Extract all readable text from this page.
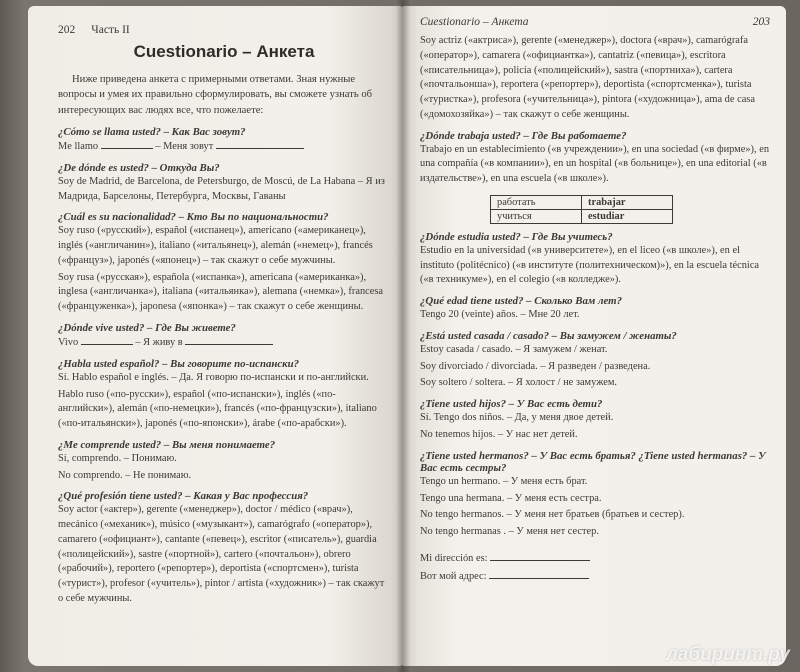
202 Часть II
Cuestionario – Анкета

Ниже приведена анкета с примерными ответами. Зная нужные вопросы и умея их правильно сформулировать, вы сможете узнать об интересующих вас людях все, что пожелаете:

¿Cómo se llama usted? – Как Вас зовут?
Me llamo	– Меня зовут
¿De dónde es usted? – Откуда Вы?
Soy de Madrid, de Barcelona, de Petersburgo, de Moscú, de La Habana – Я из Мадрида, Барселоны, Петербурга, Москвы, Гаваны
¿Cuál es su nacionalidad? – Кто Вы по национальности?
Soy ruso («русский»), español («испанец»), americano («американец»), inglés («англичанин»), italiano («итальянец»), alemán («немец»), francés («француз»), japonés («японец») – так скажут о себе мужчины.
Soy rusa («русская»), española («испанка»), americana («американка»), inglesa («англичанка»), italiana («итальянка»), alemana («немка»), francesa («француженка»), japonesa («японка») – так скажут о себе женщины.
¿Dónde vive usted? – Где Вы живете?
Vivo	– Я живу в
¿Habla usted español? – Вы говорите по-испански?
Sí. Hablo español e inglés. – Да. Я говорю по-испански и по-английски.
Hablo ruso («по-русски»), español («по-испански»), inglés («по-английски»), alemán («по-немецки»), francés («по-французски»), italiano («по-итальянски»), japonés («по-японски»), árabe («по-арабски»).
¿Me comprende usted? – Вы меня понимаете?
Sí, comprendo. – Понимаю.
No comprendo. – Не понимаю.
¿Qué profesión tiene usted? – Какая у Вас профессия?
Soy actor («актер»), gerente («менеджер»), doctor / médico («врач»), mecánico («механик»), músico («музыкант»), camarógrafo («оператор»), camarero («официант»), cantante («певец»), escritor («писатель»), guardia («полицейский»), sastre («портной»), cartero («почтальон»), obrero («рабочий»), reportero («репортер»), deportista («спортсмен»), turista («турист»), profesor («учитель»), pintor / artista («художник») – так скажут о себе мужчины.
Cuestionario – Анкета	203
Soy actriz («актриса»), gerente («менеджер»), doctora («врач»), camarógrafa («оператор»), camarera («официантка»), cantatriz («певица»), escritora («писательница»), policía («полицейский»), sastra («портниха»), cartera («почтальонша»), reportera («репортер»), deportista («спортсменка»), turista («туристка»), profesora («учительница»), pintora («художница»), ama de casa («домохозяйка») – так скажут о себе женщины.
¿Dónde trabaja usted? – Где Вы работаете?
Trabajo en un establecimiento («в учреждении»), en una sociedad («в фирме»), en una compañía («в компании»), en un hospital («в больнице»), en una editorial («в издательстве»), en una escuela («в школе»).
работать	trabajar
учиться	estudiar
¿Dónde estudia usted? – Где Вы учитесь?
Estudio en la universidad («в университете»), en el liceo («в школе»), en el instituto (politécnico) («в институте (политехническом)»), en la escuela técnica («в техникуме»), en el colegio («в колледже»).
¿Qué edad tiene usted? – Сколько Вам лет?
Tengo 20 (veinte) años. – Мне 20 лет.
¿Está usted casada / casado? – Вы замужем / женаты?
Estoy casada / casado. – Я замужем / женат.
Soy divorciado / divorciada. – Я разведен / разведена.
Soy soltero / soltera. – Я холост / не замужем.
¿Tiene usted hijos? – У Вас есть дети?
Sí. Tengo dos niños. – Да, у меня двое детей.
No tenemos hijos. – У нас нет детей.
¿Tiene usted hermanos? – У Вас есть братья? ¿Tiene usted hermanas? – У Вас есть сестры?
Tengo un hermano. – У меня есть брат.
Tengo una hermana. – У меня есть сестра.
No tengo hermanos. – У меня нет братьев (братьев и сестер).
No tengo hermanas . – У меня нет сестер.
Mi dirección es:
Вот мой адрес:
лабиринт.ру
